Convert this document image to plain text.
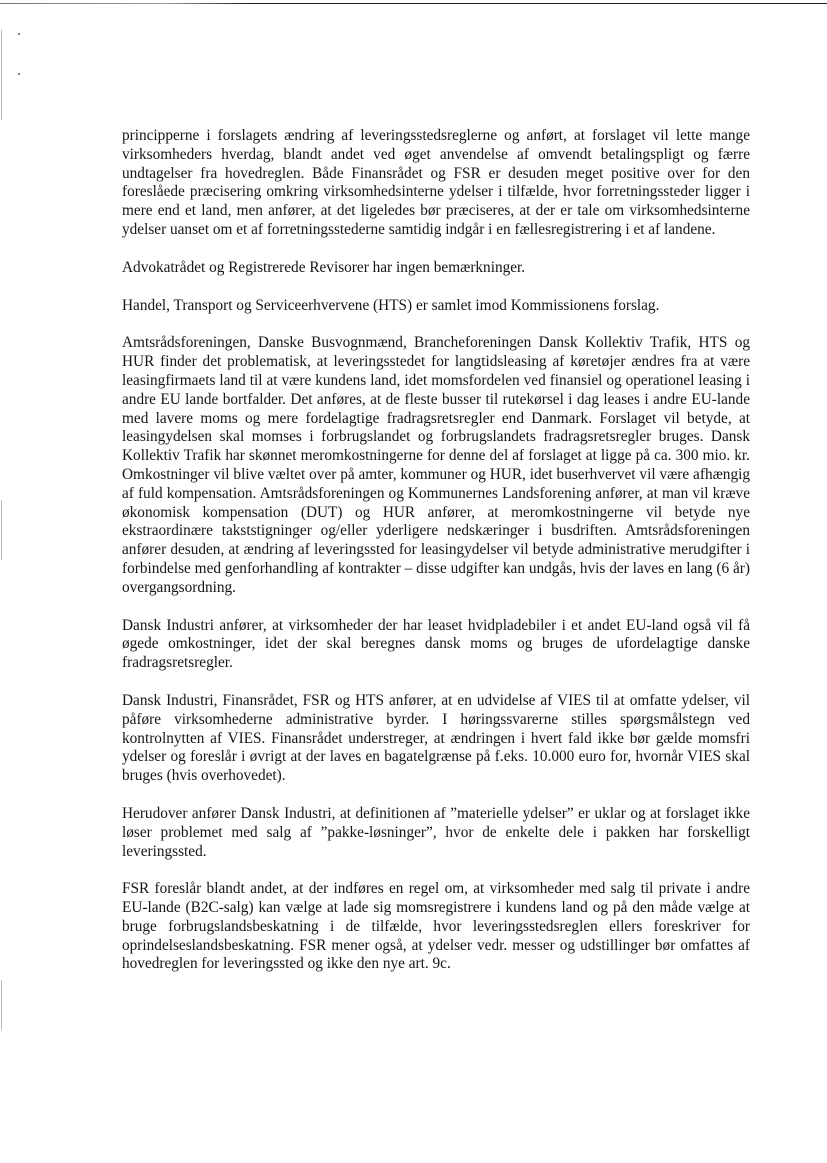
principperne i forslagets ændring af leveringsstedsreglerne og anført, at forslaget vil lette mange virksomheders hverdag, blandt andet ved øget anvendelse af omvendt betalingspligt og færre undtagelser fra hovedreglen. Både Finansrådet og FSR er desuden meget positive over for den foreslåede præcisering omkring virksomhedsinterne ydelser i tilfælde, hvor forretningssteder ligger i mere end et land, men anfører, at det ligeledes bør præciseres, at der er tale om virksomhedsinterne ydelser uanset om et af forretningsstederne samtidig indgår i en fællesregistrering i et af landene.

Advokatrådet og Registrerede Revisorer har ingen bemærkninger.

Handel, Transport og Serviceerhvervene (HTS) er samlet imod Kommissionens forslag.

Amtsrådsforeningen, Danske Busvognmænd, Brancheforeningen Dansk Kollektiv Trafik, HTS og HUR finder det problematisk, at leveringsstedet for langtidsleasing af køretøjer ændres fra at være leasingfirmaets land til at være kundens land, idet momsfordelen ved finansiel og operationel leasing i andre EU lande bortfalder. Det anføres, at de fleste busser til rutekørsel i dag leases i andre EU-lande med lavere moms og mere fordelagtige fradragsretsregler end Danmark. Forslaget vil betyde, at leasingydelsen skal momses i forbrugslandet og forbrugslandets fradragsretsregler bruges. Dansk Kollektiv Trafik har skønnet meromkostningerne for denne del af forslaget at ligge på ca. 300 mio. kr. Omkostninger vil blive væltet over på amter, kommuner og HUR, idet buserhvervet vil være afhængig af fuld kompensation. Amtsrådsforeningen og Kommunernes Landsforening anfører, at man vil kræve økonomisk kompensation (DUT) og HUR anfører, at meromkostningerne vil betyde nye ekstraordinære takststigninger og/eller yderligere nedskæringer i busdriften. Amtsrådsforeningen anfører desuden, at ændring af leveringssted for leasingydelser vil betyde administrative merudgifter i forbindelse med genforhandling af kontrakter – disse udgifter kan undgås, hvis der laves en lang (6 år) overgangsordning.

Dansk Industri anfører, at virksomheder der har leaset hvidpladebiler i et andet EU-land også vil få øgede omkostninger, idet der skal beregnes dansk moms og bruges de ufordelagtige danske fradragsretsregler.

Dansk Industri, Finansrådet, FSR og HTS anfører, at en udvidelse af VIES til at omfatte ydelser, vil påføre virksomhederne administrative byrder. I høringssvarerne stilles spørgsmålstegn ved kontrolnytten af VIES. Finansrådet understreger, at ændringen i hvert fald ikke bør gælde momsfri ydelser og foreslår i øvrigt at der laves en bagatelgrænse på f.eks. 10.000 euro for, hvornår VIES skal bruges (hvis overhovedet).

Herudover anfører Dansk Industri, at definitionen af ”materielle ydelser” er uklar og at forslaget ikke løser problemet med salg af ”pakke-løsninger”, hvor de enkelte dele i pakken har forskelligt leveringssted.

FSR foreslår blandt andet, at der indføres en regel om, at virksomheder med salg til private i andre EU-lande (B2C-salg) kan vælge at lade sig momsregistrere i kundens land og på den måde vælge at bruge forbrugslandsbeskatning i de tilfælde, hvor leveringsstedsreglen ellers foreskriver for oprindelseslandsbeskatning. FSR mener også, at ydelser vedr. messer og udstillinger bør omfattes af hovedreglen for leveringssted og ikke den nye art. 9c.
